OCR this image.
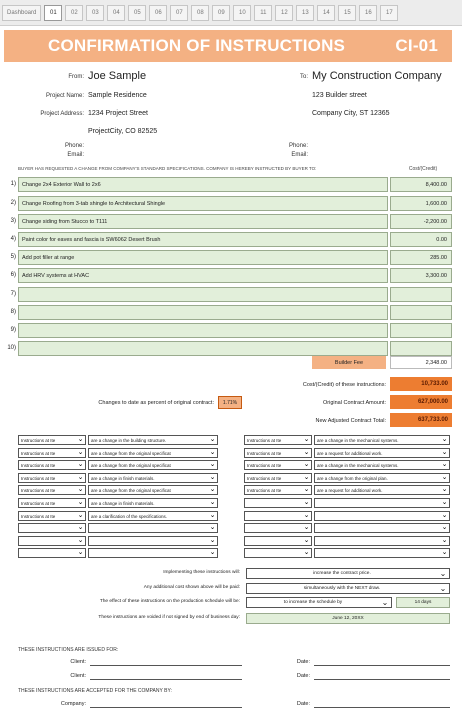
Dashboard	01	02	03	04	05	06	07	08	09	10	11	12	13	14	15	16	17
CONFIRMATION OF INSTRUCTIONS	CI-01
From: Joe Sample
Project Name: Sample Residence
Project Address: 1234 Project Street
ProjectCity, CO 82525
Phone:
Email:
To: My Construction Company
123 Builder street
Company City, ST 12365
Phone:
Email:
BUYER HAS REQUESTED A CHANGE FROM COMPANY'S STANDARD SPECIFICATIONS. COMPANY IS HEREBY INSTRUCTED BY BUYER TO:	Cost/(Credit)
1)	Change 2x4 Exterior Wall to 2x6	8,400.00
2)	Change Roofing from 3-tab shingle to Architectural Shingle	1,600.00
3)	Change siding from Stucco to T111	-2,200.00
4)	Paint color for eaves and fascia is SW6062 Desert Brush	0.00
5)	Add pot filler at range	285.00
6)	Add HRV systems at HVAC	3,300.00
7)
8)
9)
10)
Builder Fee	2,348.00
Cost/(Credit) of these instructions:	10,733.00
Original Contract Amount:	627,000.00
New Adjusted Contract Total:	637,733.00
Changes to date as percent of original contract:	1.71%
Instructions at Ite	⌄	are a change in the building structure.	⌄	Instructions at Ite	⌄	are a change in the mechanical systems.	⌄
Instructions at Ite	⌄	are a change from the original specificat	⌄	Instructions at Ite	⌄	are a request for additional work.	⌄
Instructions at Ite	⌄	are a change from the original specificat	⌄	Instructions at Ite	⌄	are a change in the mechanical systems.	⌄
Instructions at Ite	⌄	are a change in finish materials.	⌄	Instructions at Ite	⌄	are a change from the original plan.	⌄
Instructions at Ite	⌄	are a change from the original specificat	⌄	Instructions at Ite	⌄	are a request for additional work.	⌄
Instructions at Ite	⌄	are a change in finish materials.	⌄	⌄	⌄
Instructions at Ite	⌄	are a clarification of the specifications.	⌄	⌄	⌄
⌄	⌄	⌄	⌄
⌄	⌄	⌄	⌄
⌄	⌄	⌄	⌄
Implementing these instructions will:	increase the contract price.	⌄
Any additional cost shown above will be paid:	simultaneously with the NEXT draw.	⌄
The effect of these instructions on the production schedule will be:	to increase the schedule by	⌄	14 days
These instructions are voided if not signed by end of business day:	June 12, 20XX
THESE INSTRUCTIONS ARE ISSUED FOR:
Client:	Date:
Client:	Date:
THESE INSTRUCTIONS ARE ACCEPTED FOR THE COMPANY BY:
Company:	Date:
